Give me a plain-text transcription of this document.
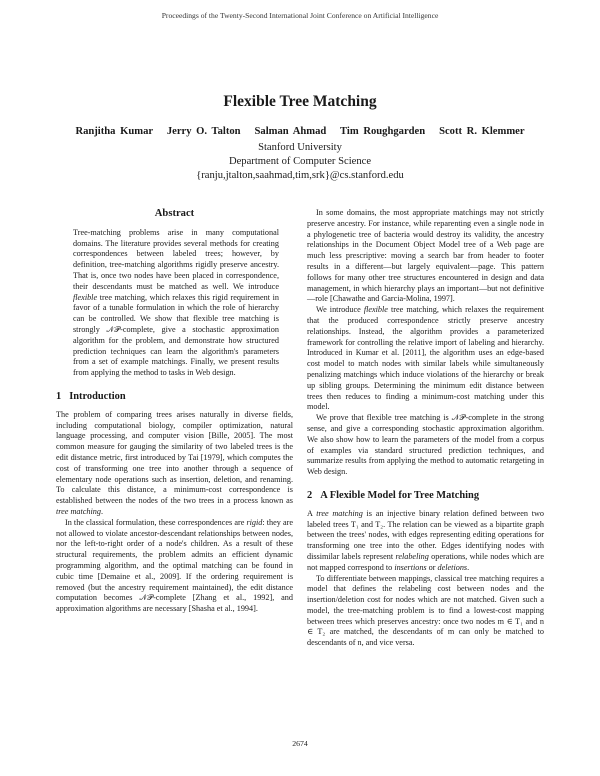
Proceedings of the Twenty-Second International Joint Conference on Artificial Intelligence
Flexible Tree Matching
Ranjitha Kumar   Jerry O. Talton   Salman Ahmad   Tim Roughgarden   Scott R. Klemmer
Stanford University
Department of Computer Science
{ranju,jtalton,saahmad,tim,srk}@cs.stanford.edu
Abstract

Tree-matching problems arise in many computational domains. The literature provides several methods for creating correspondences between labeled trees; however, by definition, tree-matching algorithms rigidly preserve ancestry. That is, once two nodes have been placed in correspondence, their descendants must be matched as well. We introduce flexible tree matching, which relaxes this rigid requirement in favor of a tunable formulation in which the role of hierarchy can be controlled. We show that flexible tree matching is strongly 𝒩𝒫-complete, give a stochastic approximation algorithm for the problem, and demonstrate how structured prediction techniques can learn the algorithm's parameters from a set of example matchings. Finally, we present results from applying the method to tasks in Web design.

1 Introduction

The problem of comparing trees arises naturally in diverse fields, including computational biology, compiler optimization, natural language processing, and computer vision [Bille, 2005]. The most common measure for gauging the similarity of two labeled trees is the edit distance metric, first introduced by Tai [1979], which computes the cost of transforming one tree into another through a sequence of elementary node operations such as insertion, deletion, and renaming. To calculate this distance, a minimum-cost correspondence is established between the nodes of the two trees in a process known as tree matching.

In the classical formulation, these correspondences are rigid: they are not allowed to violate ancestor-descendant relationships between nodes, nor the left-to-right order of a node's children. As a result of these structural requirements, the problem admits an efficient dynamic programming algorithm, and the optimal matching can be found in cubic time [Demaine et al., 2009]. If the ordering requirement is removed (but the ancestry requirement maintained), the edit distance computation becomes 𝒩𝒫-complete [Zhang et al., 1992], and approximation algorithms are necessary [Shasha et al., 1994].

In some domains, the most appropriate matchings may not strictly preserve ancestry. For instance, while reparenting even a single node in a phylogenetic tree of bacteria would destroy its validity, the ancestry relationships in the Document Object Model tree of a Web page are much less prescriptive: moving a search bar from header to footer results in a different—but largely equivalent—page. This pattern follows for many other tree structures encountered in design and data management, in which hierarchy plays an important—but not definitive—role [Chawathe and Garcia-Molina, 1997].

We introduce flexible tree matching, which relaxes the requirement that the produced correspondence strictly preserve ancestry relationships. Instead, the algorithm provides a parameterized framework for controlling the relative import of labeling and hierarchy. Introduced in Kumar et al. [2011], the algorithm uses an edge-based cost model to match nodes with similar labels while simultaneously penalizing matchings which induce violations of the hierarchy or break up sibling groups. Determining the minimum edit distance between trees then reduces to finding a minimum-cost matching under this model.

We prove that flexible tree matching is 𝒩𝒫-complete in the strong sense, and give a corresponding stochastic approximation algorithm. We also show how to learn the parameters of the model from a corpus of examples via standard structured prediction techniques, and summarize results from applying the method to automatic retargeting in Web design.

2 A Flexible Model for Tree Matching

A tree matching is an injective binary relation defined between two labeled trees T₁ and T₂. The relation can be viewed as a bipartite graph between the trees' nodes, with edges representing editing operations for transforming one tree into the other. Edges identifying nodes with dissimilar labels represent relabeling operations, while nodes which are not mapped correspond to insertions or deletions.

To differentiate between mappings, classical tree matching requires a model that defines the relabeling cost between nodes and the insertion/deletion cost for nodes which are not matched. Given such a model, the tree-matching problem is to find a lowest-cost mapping between trees which preserves ancestry: once two nodes m ∈ T₁ and n ∈ T₂ are matched, the descendants of m can only be matched to descendants of n, and vice versa.

2674
